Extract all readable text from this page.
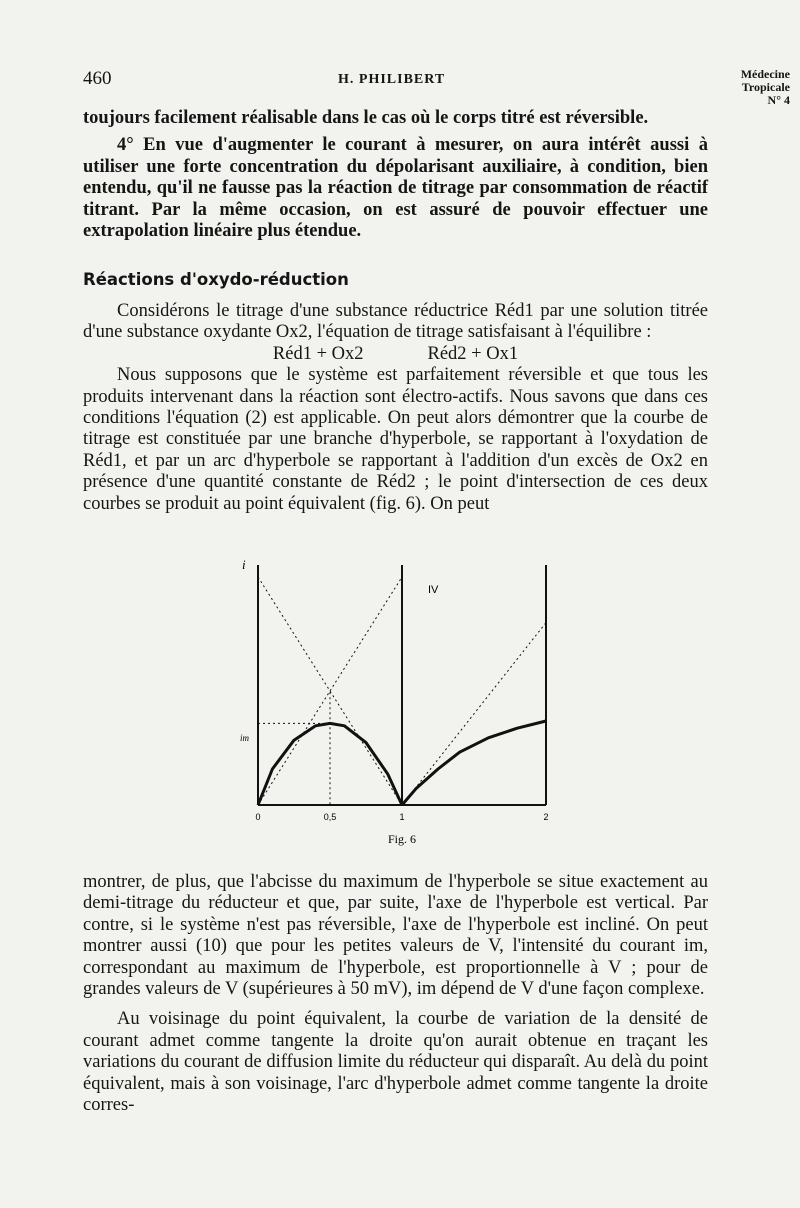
460	H. PHILIBERT	Médecine
Tropicale
N° 4

toujours facilement réalisable dans le cas où le corps titré est réversible.

4° En vue d'augmenter le courant à mesurer, on aura intérêt aussi à utiliser une forte concentration du dépolarisant auxiliaire, à condition, bien entendu, qu'il ne fausse pas la réaction de titrage par consommation de réactif titrant. Par la même occasion, on est assuré de pouvoir effectuer une extrapolation linéaire plus étendue.

Réactions d'oxydo-réduction

Considérons le titrage d'une substance réductrice Réd1 par une solution titrée d'une substance oxydante Ox2, l'équation de titrage satisfaisant à l'équilibre :

Réd1 + Ox2	Réd2 + Ox1

Nous supposons que le système est parfaitement réversible et que tous les produits intervenant dans la réaction sont électro-actifs. Nous savons que dans ces conditions l'équation (2) est applicable. On peut alors démontrer que la courbe de titrage est constituée par une branche d'hyperbole, se rapportant à l'oxydation de Réd1, et par un arc d'hyperbole se rapportant à l'addition d'un excès de Ox2 en présence d'une quantité constante de Réd2 ; le point d'intersection de ces deux courbes se produit au point équivalent (fig. 6). On peut

i
IV
im
0	0,5	1	2
Fig. 6

montrer, de plus, que l'abcisse du maximum de l'hyperbole se situe exactement au demi-titrage du réducteur et que, par suite, l'axe de l'hyperbole est vertical. Par contre, si le système n'est pas réversible, l'axe de l'hyperbole est incliné. On peut montrer aussi (10) que pour les petites valeurs de V, l'intensité du courant im, correspondant au maximum de l'hyperbole, est proportionnelle à V ; pour de grandes valeurs de V (supérieures à 50 mV), im dépend de V d'une façon complexe.

Au voisinage du point équivalent, la courbe de variation de la densité de courant admet comme tangente la droite qu'on aurait obtenue en traçant les variations du courant de diffusion limite du réducteur qui disparaît. Au delà du point équivalent, mais à son voisinage, l'arc d'hyperbole admet comme tangente la droite corres-
